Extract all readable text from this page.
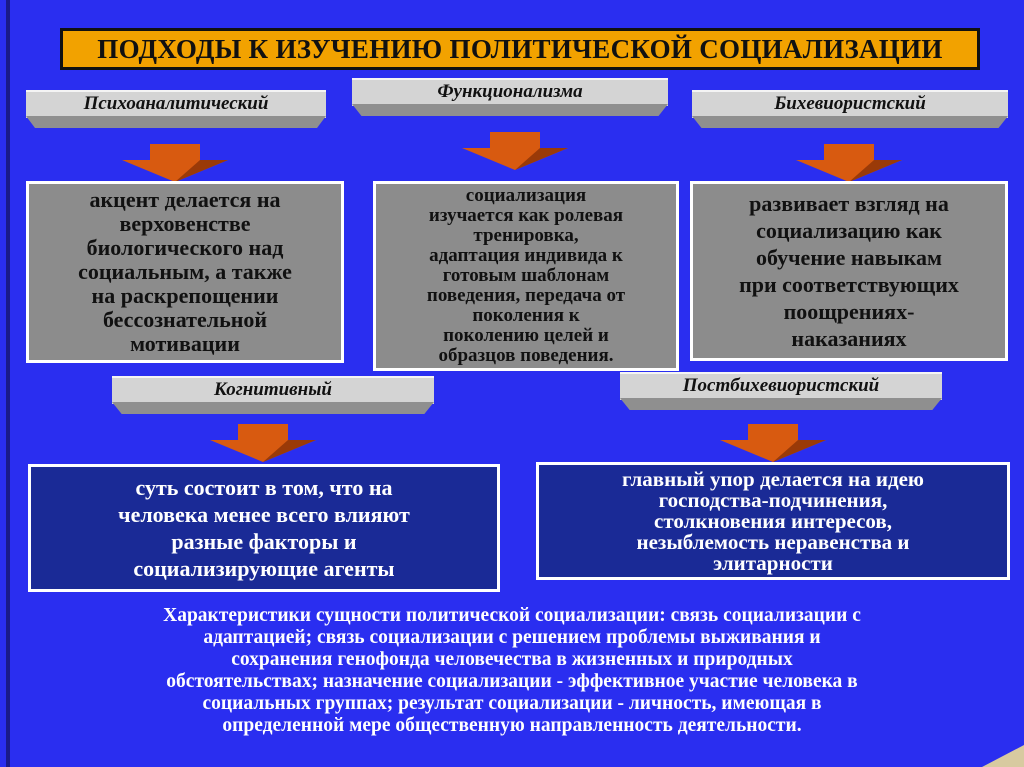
ПОДХОДЫ К ИЗУЧЕНИЮ ПОЛИТИЧЕСКОЙ СОЦИАЛИЗАЦИИ
Психоаналитический
Функционализма
Бихевиористский
акцент делается на
верховенстве
биологического над
социальным, а также
на раскрепощении
бессознательной
мотивации
социализация
изучается как ролевая
тренировка,
адаптация индивида к
готовым шаблонам
поведения, передача от
поколения к
поколению целей и
образцов поведения.
развивает взгляд на
социализацию как
обучение навыкам
при соответствующих
поощрениях-
наказаниях
Когнитивный	Постбихевиористский
суть состоит в том, что на
человека менее всего влияют
разные факторы и
социализирующие агенты
главный упор делается на идею
господства-подчинения,
столкновения интересов,
незыблемость неравенства и
элитарности
Характеристики сущности политической социализации: связь социализации с
адаптацией; связь социализации с решением проблемы выживания и
сохранения генофонда человечества в жизненных и природных
обстоятельствах; назначение социализации - эффективное участие человека в
социальных группах; результат социализации - личность, имеющая в
определенной мере общественную направленность деятельности.
